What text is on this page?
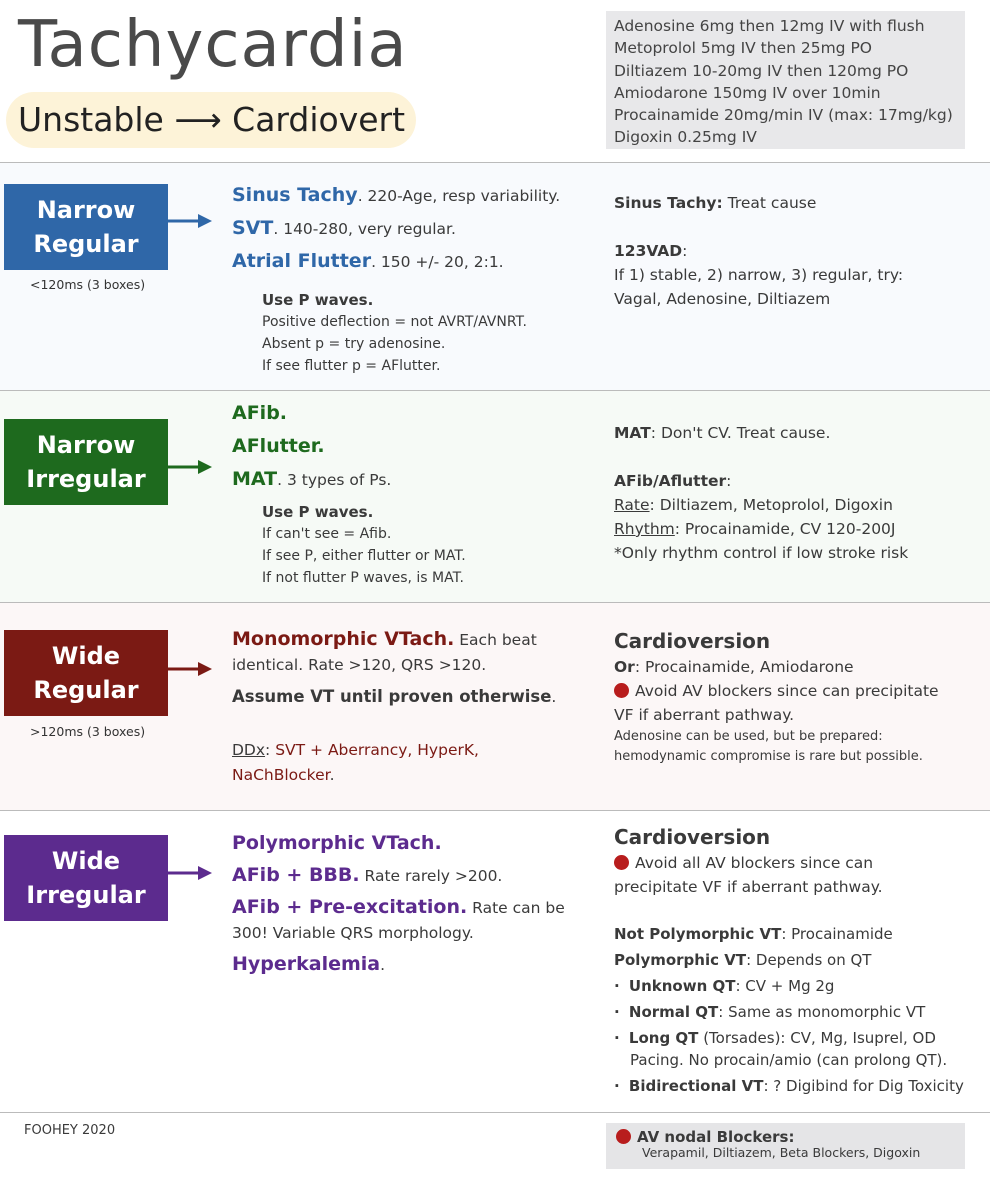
Tachycardia
Unstable ⟶ Cardiovert
Adenosine 6mg then 12mg IV with flush
Metoprolol 5mg IV then 25mg PO
Diltiazem 10-20mg IV then 120mg PO
Amiodarone 150mg IV over 10min
Procainamide 20mg/min IV (max: 17mg/kg)
Digoxin 0.25mg IV
Narrow
Regular
<120ms (3 boxes)
Sinus Tachy. 220-Age, resp variability.
SVT. 140-280, very regular.
Atrial Flutter. 150 +/- 20, 2:1.
Use P waves.
Positive deflection = not AVRT/AVNRT.
Absent p = try adenosine.
If see flutter p = AFlutter.
Sinus Tachy: Treat cause
123VAD:
If 1) stable, 2) narrow, 3) regular, try:
Vagal, Adenosine, Diltiazem
Narrow
Irregular
AFib.
AFlutter.
MAT. 3 types of Ps.
Use P waves.
If can't see = Afib.
If see P, either flutter or MAT.
If not flutter P waves, is MAT.
MAT: Don't CV. Treat cause.
AFib/Aflutter:
Rate: Diltiazem, Metoprolol, Digoxin
Rhythm: Procainamide, CV 120-200J
*Only rhythm control if low stroke risk
Wide
Regular
>120ms (3 boxes)
Monomorphic VTach. Each beat identical. Rate >120, QRS >120.
Assume VT until proven otherwise.
DDx: SVT + Aberrancy, HyperK, NaChBlocker.
Cardioversion
Or: Procainamide, Amiodarone
Avoid AV blockers since can precipitate VF if aberrant pathway.
Adenosine can be used, but be prepared: hemodynamic compromise is rare but possible.
Wide
Irregular
Polymorphic VTach.
AFib + BBB. Rate rarely >200.
AFib + Pre-excitation. Rate can be 300! Variable QRS morphology.
Hyperkalemia.
Cardioversion
Avoid all AV blockers since can precipitate VF if aberrant pathway.
Not Polymorphic VT: Procainamide
Polymorphic VT: Depends on QT
· Unknown QT: CV + Mg 2g
· Normal QT: Same as monomorphic VT
· Long QT (Torsades): CV, Mg, Isuprel, OD Pacing. No procain/amio (can prolong QT).
· Bidirectional VT: ? Digibind for Dig Toxicity
FOOHEY 2020	AV nodal Blockers:
Verapamil, Diltiazem, Beta Blockers, Digoxin
